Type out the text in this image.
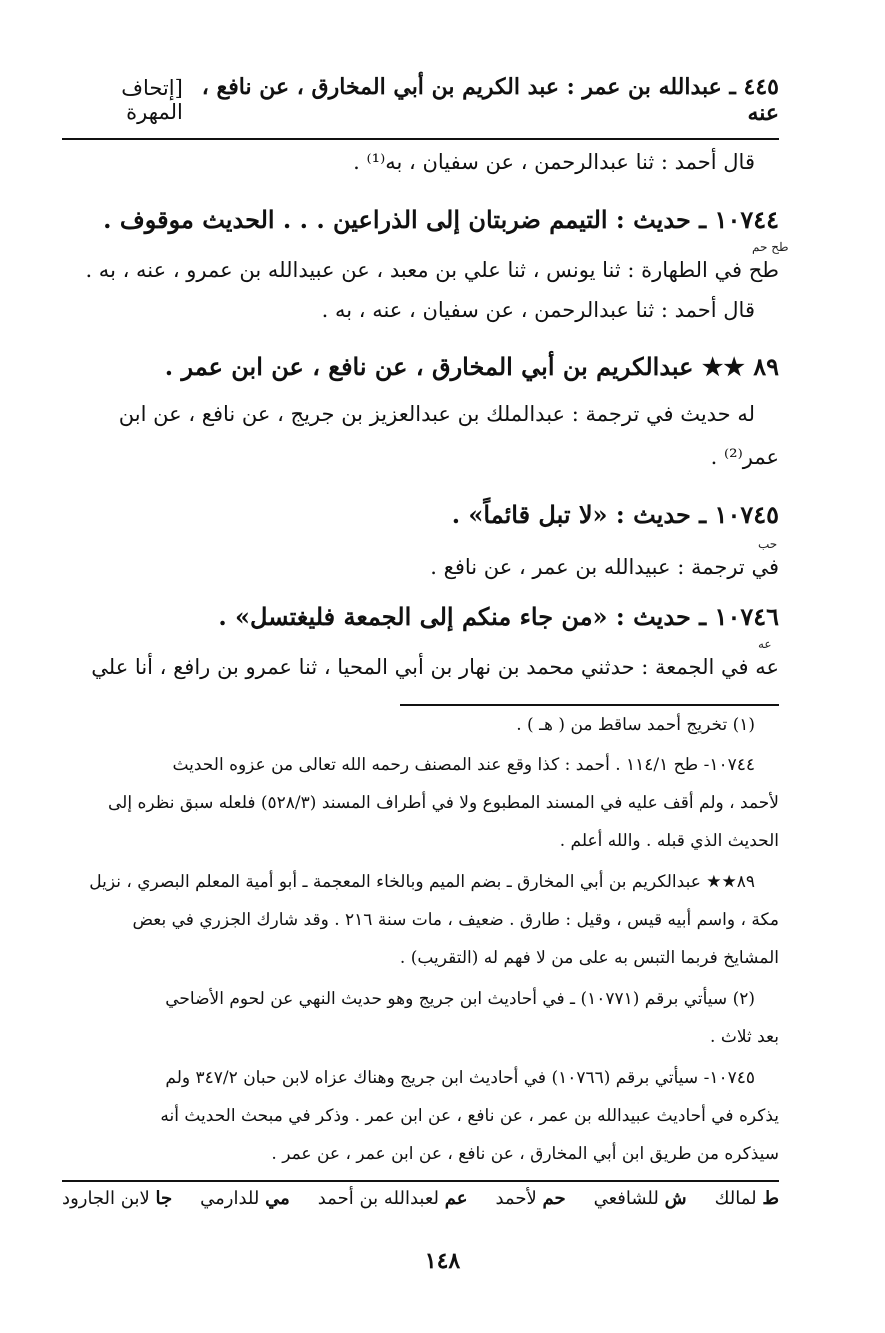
٤٤٥ ـ عبدالله بن عمر : عبد الكريم بن أبي المخارق ، عن نافع ، عنه
[إتحاف المهرة
قال أحمد : ثنا عبدالرحمن ، عن سفيان ، به⁽¹⁾ .
١٠٧٤٤ ـ حديث : التيمم ضربتان إلى الذراعين . . . الحديث موقوف .
طح حم
طح في الطهارة : ثنا يونس ، ثنا علي بن معبد ، عن عبيدالله بن عمرو ، عنه ، به .
قال أحمد : ثنا عبدالرحمن ، عن سفيان ، عنه ، به .
٨٩ ★★ عبدالكريم بن أبي المخارق ، عن نافع ، عن ابن عمر .
له حديث في ترجمة : عبدالملك بن عبدالعزيز بن جريج ، عن نافع ، عن ابن
عمر⁽²⁾ .
١٠٧٤٥ ـ حديث : «لا تبل قائماً» .
حب
في ترجمة : عبيدالله بن عمر ، عن نافع .
١٠٧٤٦ ـ حديث : «من جاء منكم إلى الجمعة فليغتسل» .
عه
عه في الجمعة : حدثني محمد بن نهار بن أبي المحيا ، ثنا عمرو بن رافع ، أنا علي
(١) تخريج أحمد ساقط من ( هـ ) .
١٠٧٤٤- طح ١١٤/١ . أحمد : كذا وقع عند المصنف رحمه الله تعالى من عزوه الحديث
لأحمد ، ولم أقف عليه في المسند المطبوع ولا في أطراف المسند (٥٢٨/٣) فلعله سبق نظره إلى
الحديث الذي قبله . والله أعلم .
٨٩★★ عبدالكريم بن أبي المخارق ـ بضم الميم وبالخاء المعجمة ـ أبو أمية المعلم البصري ، نزيل
مكة ، واسم أبيه قيس ، وقيل : طارق . ضعيف ، مات سنة ٢١٦ . وقد شارك الجزري في بعض
المشايخ فربما التبس به على من لا فهم له (التقريب) .
(٢) سيأتي برقم (١٠٧٧١) ـ في أحاديث ابن جريج وهو حديث النهي عن لحوم الأضاحي
بعد ثلاث .
١٠٧٤٥- سيأتي برقم (١٠٧٦٦) في أحاديث ابن جريج وهناك عزاه لابن حبان ٣٤٧/٢ ولم
يذكره في أحاديث عبيدالله بن عمر ، عن نافع ، عن ابن عمر . وذكر في مبحث الحديث أنه
سيذكره من طريق ابن أبي المخارق ، عن نافع ، عن ابن عمر ، عن عمر .
ط لمالك
ش للشافعي
حم لأحمد
عم لعبدالله بن أحمد
مي للدارمي
جا لابن الجارود
١٤٨
